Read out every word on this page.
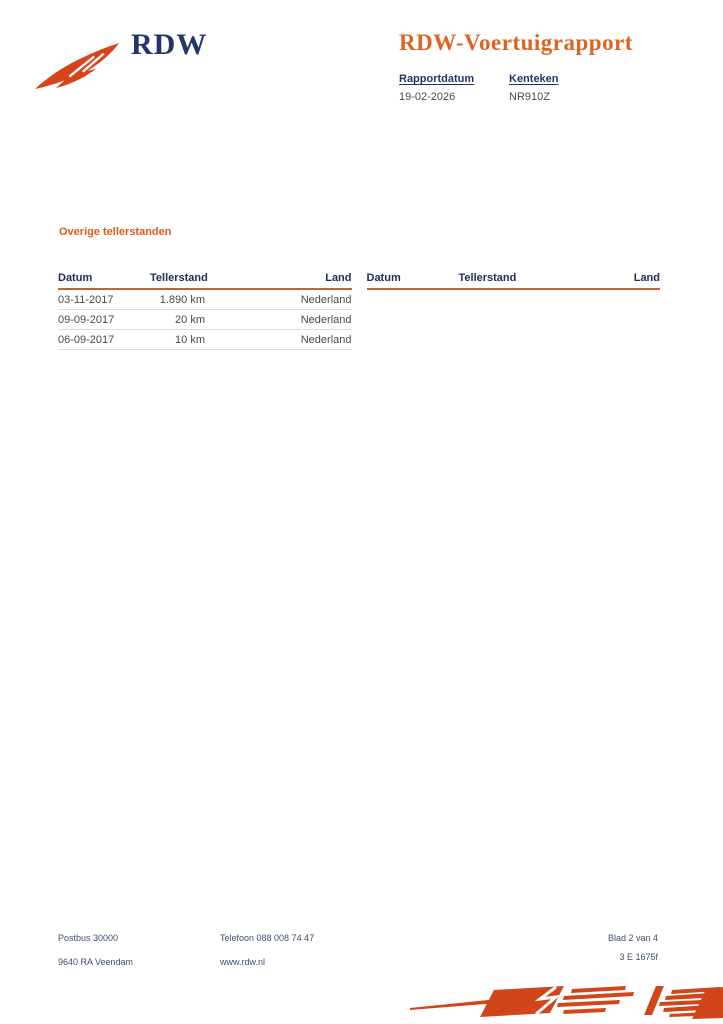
RDW	RDW-Voertuigrapport
Rapportdatum
19-02-2026
Kenteken
NR910Z
Overige tellerstanden
Datum	Tellerstand	Land
03-11-2017	1.890 km	Nederland
09-09-2017	20 km	Nederland
06-09-2017	10 km	Nederland
Datum	Tellerstand	Land
Postbus 30000
9640 RA Veendam
Telefoon 088 008 74 47
www.rdw.nl
Blad 2 van 4
3 E 1675f
